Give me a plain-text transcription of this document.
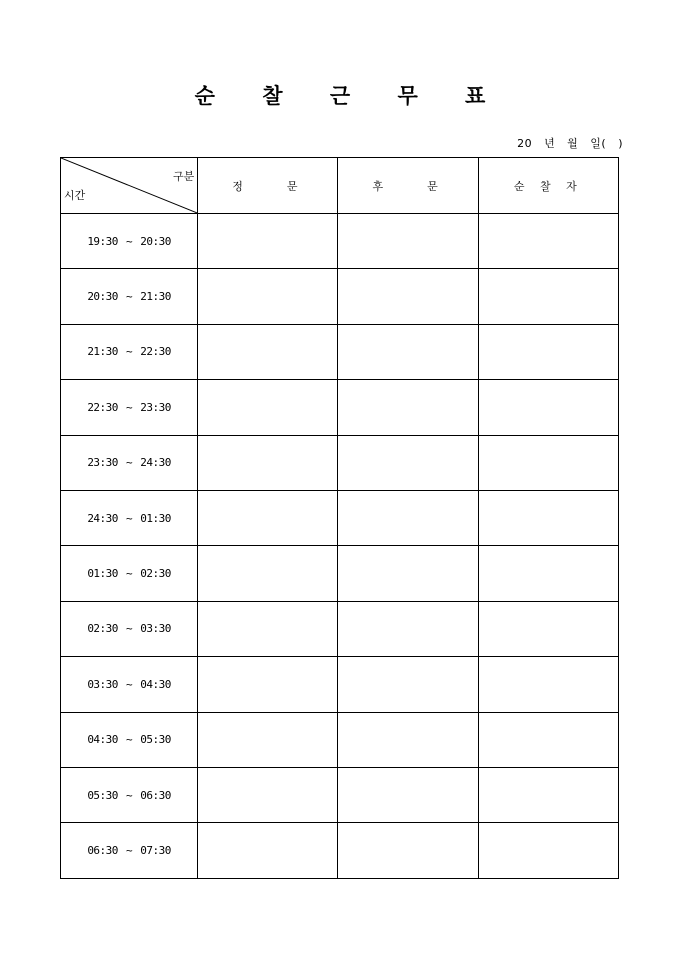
순 찰 근 무 표
20   년   월   일(   )
구분
시간	정    문	후    문	순 찰 자
19:30 ~ 20:30			
20:30 ~ 21:30			
21:30 ~ 22:30			
22:30 ~ 23:30			
23:30 ~ 24:30			
24:30 ~ 01:30			
01:30 ~ 02:30			
02:30 ~ 03:30			
03:30 ~ 04:30			
04:30 ~ 05:30			
05:30 ~ 06:30			
06:30 ~ 07:30			
